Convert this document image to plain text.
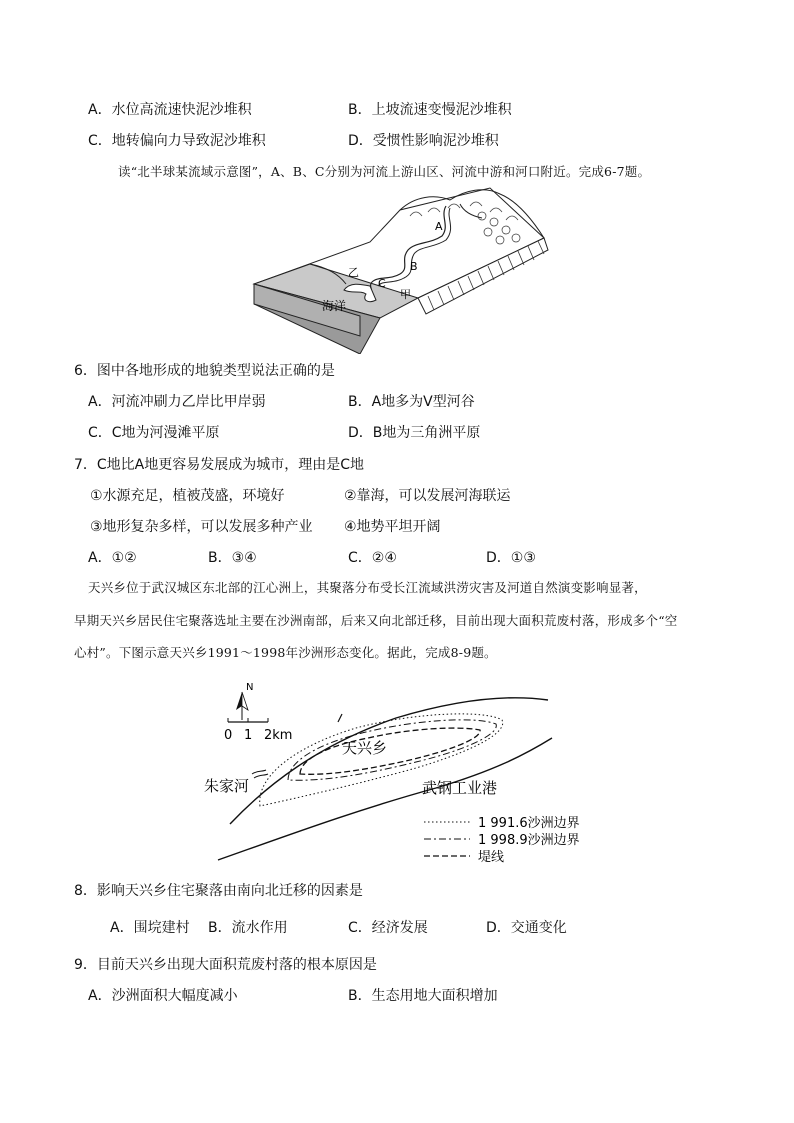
A．水位高流速快泥沙堆积	B．上坡流速变慢泥沙堆积
C．地转偏向力导致泥沙堆积	D．受惯性影响泥沙堆积
读“北半球某流域示意图”，A、B、C分别为河流上游山区、河流中游和河口附近。完成6-7题。
A
B
C
乙
甲
海洋
6．图中各地形成的地貌类型说法正确的是
A．河流冲刷力乙岸比甲岸弱	B．A地多为V型河谷
C．C地为河漫滩平原	D．B地为三角洲平原
7．C地比A地更容易发展成为城市，理由是C地
①水源充足，植被茂盛，环境好	②靠海，可以发展河海联运
③地形复杂多样，可以发展多种产业 ④地势平坦开阔
A．①②	B．③④	C．②④	D．①③
天兴乡位于武汉城区东北部的江心洲上，其聚落分布受长江流域洪涝灾害及河道自然演变影响显著，
早期天兴乡居民住宅聚落选址主要在沙洲南部，后来又向北部迁移，目前出现大面积荒废村落，形成多个“空
心村”。下图示意天兴乡1991～1998年沙洲形态变化。据此，完成8-9题。
N
0 1 2km
天兴乡
朱家河	武钢工业港
1 991.6沙洲边界
1 998.9沙洲边界
堤线
8．影响天兴乡住宅聚落由南向北迁移的因素是
A．围垸建村 B．流水作用	C．经济发展	D．交通变化
9．目前天兴乡出现大面积荒废村落的根本原因是
A．沙洲面积大幅度减小	B．生态用地大面积增加
